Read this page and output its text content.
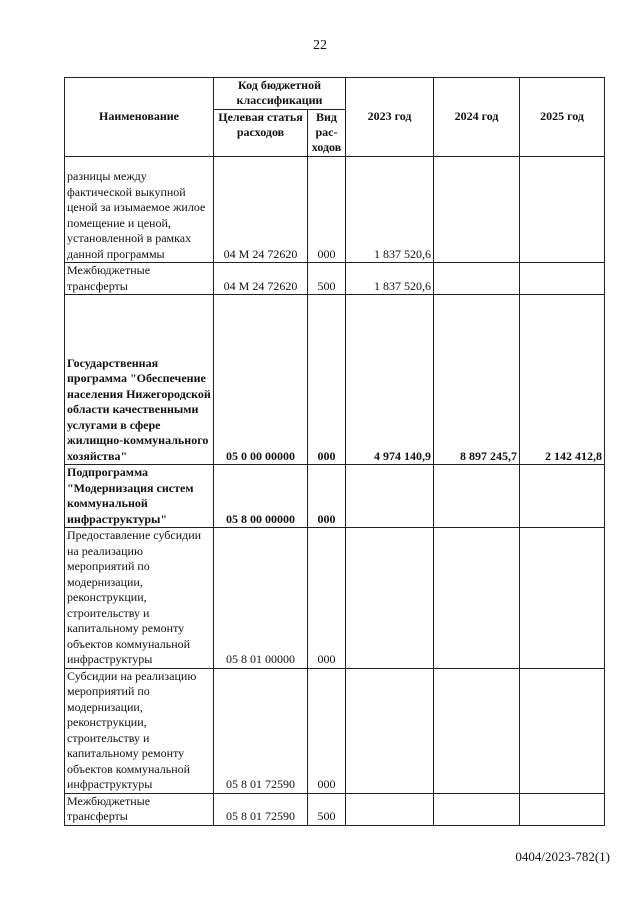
22
Наименование	Код бюджетной классификации		2023 год	2024 год	2025 год
	Целевая статья расходов	Вид рас-ходов			
разницы между фактической выкупной ценой за изымаемое жилое помещение и ценой, установленной в рамках данной программы	04 М 24 72620	000	1 837 520,6		
Межбюджетные трансферты	04 М 24 72620	500	1 837 520,6		
Государственная программа "Обеспечение населения Нижегородской области качественными услугами в сфере жилищно-коммунального хозяйства"	05 0 00 00000	000	4 974 140,9	8 897 245,7	2 142 412,8
Подпрограмма "Модернизация систем коммунальной инфраструктуры"	05 8 00 00000	000			
Предоставление субсидии на реализацию мероприятий по модернизации, реконструкции, строительству и капитальному ремонту объектов коммунальной инфраструктуры	05 8 01 00000	000			
Субсидии на реализацию мероприятий по модернизации, реконструкции, строительству и капитальному ремонту объектов коммунальной инфраструктуры	05 8 01 72590	000			
Межбюджетные трансферты	05 8 01 72590	500			
0404/2023-782(1)
